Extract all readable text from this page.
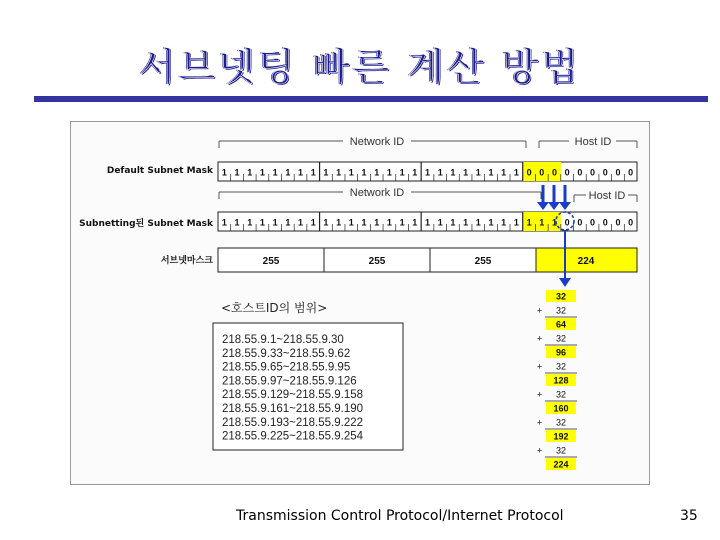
서브넷팅 빠른 계산 방법
Network ID	Host ID
Default Subnet Mask 1 1 1 1 1 1 1 1 1 1 1 1 1 1 1 1 1 1 1 1 1 1 1 1 0 0 0 0 0 0 0 0 0
Network ID	Host ID
Subnetting된 Subnet Mask 1 1 1 1 1 1 1 1 1 1 1 1 1 1 1 1 1 1 1 1 1 1 1 1 1 1 1 0 0 0 0 0 0
서브넷마스크	255	255	255	224
<호스트ID의 범위>
218.55.9.1~218.55.9.30
218.55.9.33~218.55.9.62
218.55.9.65~218.55.9.95
218.55.9.97~218.55.9.126
218.55.9.129~218.55.9.158
218.55.9.161~218.55.9.190
218.55.9.193~218.55.9.222
218.55.9.225~218.55.9.254
32
+ 32
64
+ 32
96
+ 32
128
+ 32
160
+ 32
192
+ 32
224
Transmission Control Protocol/Internet Protocol	35
